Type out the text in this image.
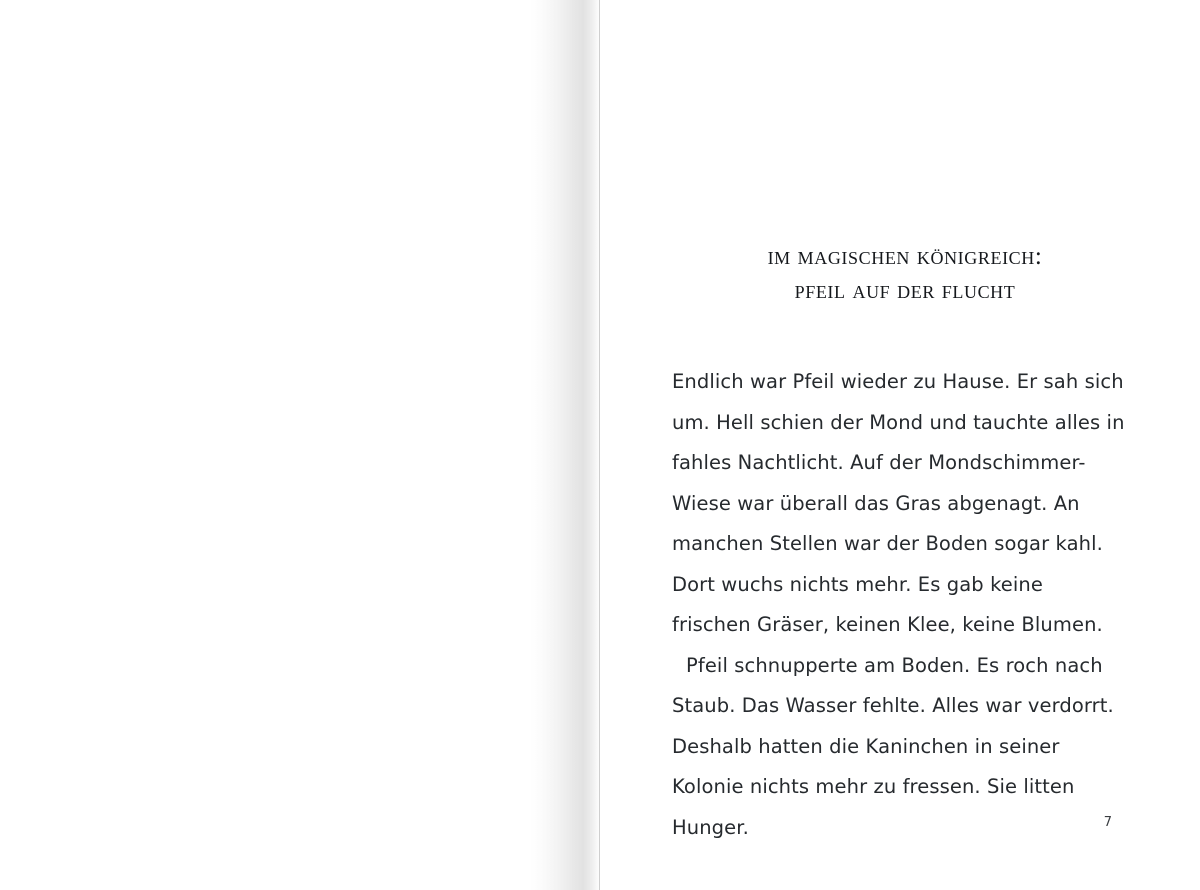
im magischen königreich:
pfeil auf der flucht

Endlich war Pfeil wieder zu Hause. Er sah sich um. Hell schien der Mond und tauchte alles in fahles Nachtlicht. Auf der Mondschimmer-Wiese war überall das Gras abgenagt. An manchen Stellen war der Boden sogar kahl. Dort wuchs nichts mehr. Es gab keine frischen Gräser, keinen Klee, keine Blumen.

Pfeil schnupperte am Boden. Es roch nach Staub. Das Wasser fehlte. Alles war verdorrt. Deshalb hatten die Kaninchen in seiner Kolonie nichts mehr zu fressen. Sie litten Hunger.	7
